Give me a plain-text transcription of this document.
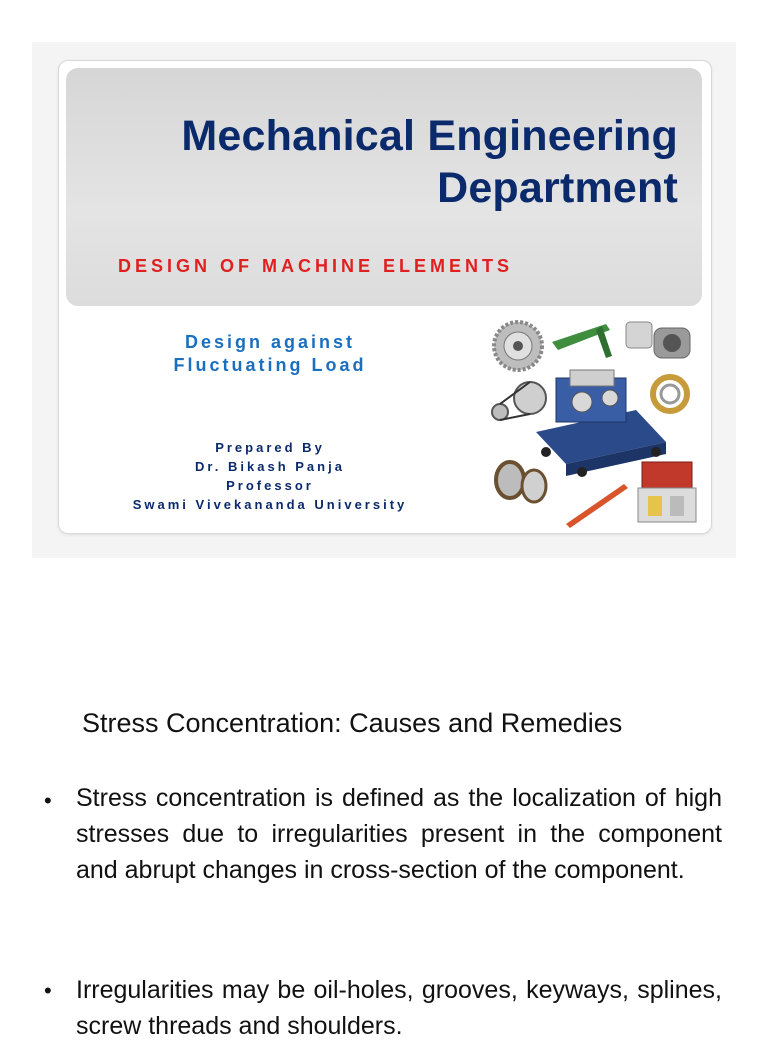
Mechanical Engineering
Department
DESIGN OF MACHINE ELEMENTS
Design against
Fluctuating Load
Prepared By
Dr. Bikash Panja
Professor
Swami Vivekananda University
Stress Concentration: Causes and Remedies
• Stress concentration is defined as the localization of high stresses due to irregularities present in the component and abrupt changes in cross-section of the component.
• Irregularities may be oil-holes, grooves, keyways, splines, screw threads and shoulders.
